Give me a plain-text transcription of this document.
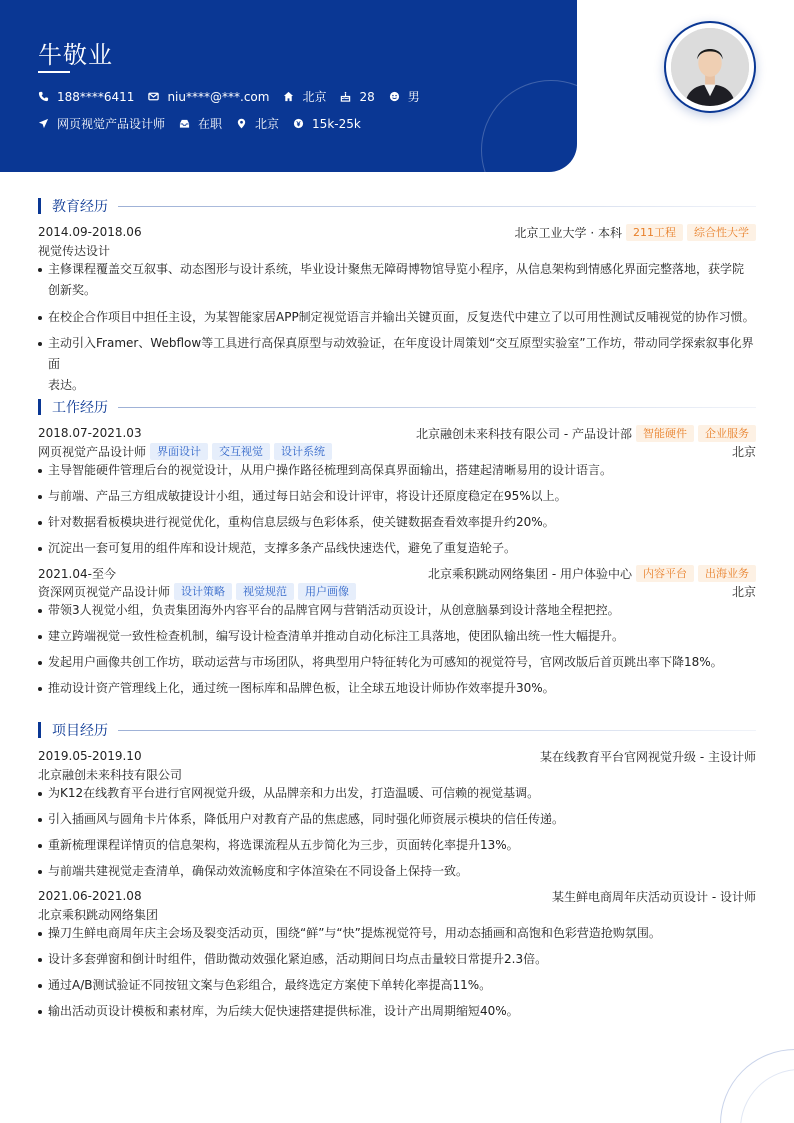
牛敬业
188****6411	niu****@***.com	北京	28	男
网页视觉产品设计师	在职	北京	15k-25k
教育经历
2014.09-2018.06	北京工业大学 · 本科	211工程	综合性大学
视觉传达设计
主修课程覆盖交互叙事、动态图形与设计系统，毕业设计聚焦无障碍博物馆导览小程序，从信息架构到情感化界面完整落地，获学院
创新奖。
在校企合作项目中担任主设，为某智能家居APP制定视觉语言并输出关键页面，反复迭代中建立了以可用性测试反哺视觉的协作习惯。
主动引入Framer、Webflow等工具进行高保真原型与动效验证，在年度设计周策划“交互原型实验室”工作坊，带动同学探索叙事化界面
表达。
工作经历
2018.07-2021.03	北京融创未来科技有限公司 - 产品设计部	智能硬件	企业服务
网页视觉产品设计师	界面设计	交互视觉	设计系统	北京
主导智能硬件管理后台的视觉设计，从用户操作路径梳理到高保真界面输出，搭建起清晰易用的设计语言。
与前端、产品三方组成敏捷设计小组，通过每日站会和设计评审，将设计还原度稳定在95%以上。
针对数据看板模块进行视觉优化，重构信息层级与色彩体系，使关键数据查看效率提升约20%。
沉淀出一套可复用的组件库和设计规范，支撑多条产品线快速迭代，避免了重复造轮子。
2021.04-至今	北京乘积跳动网络集团 - 用户体验中心	内容平台	出海业务
资深网页视觉产品设计师	设计策略	视觉规范	用户画像	北京
带领3人视觉小组，负责集团海外内容平台的品牌官网与营销活动页设计，从创意脑暴到设计落地全程把控。
建立跨端视觉一致性检查机制，编写设计检查清单并推动自动化标注工具落地，使团队输出统一性大幅提升。
发起用户画像共创工作坊，联动运营与市场团队，将典型用户特征转化为可感知的视觉符号，官网改版后首页跳出率下降18%。
推动设计资产管理线上化，通过统一图标库和品牌色板，让全球五地设计师协作效率提升30%。
项目经历
2019.05-2019.10	某在线教育平台官网视觉升级 - 主设计师
北京融创未来科技有限公司
为K12在线教育平台进行官网视觉升级，从品牌亲和力出发，打造温暖、可信赖的视觉基调。
引入插画风与圆角卡片体系，降低用户对教育产品的焦虑感，同时强化师资展示模块的信任传递。
重新梳理课程详情页的信息架构，将选课流程从五步简化为三步，页面转化率提升13%。
与前端共建视觉走查清单，确保动效流畅度和字体渲染在不同设备上保持一致。
2021.06-2021.08	某生鲜电商周年庆活动页设计 - 设计师
北京乘积跳动网络集团
操刀生鲜电商周年庆主会场及裂变活动页，围绕“鲜”与“快”提炼视觉符号，用动态插画和高饱和色彩营造抢购氛围。
设计多套弹窗和倒计时组件，借助微动效强化紧迫感，活动期间日均点击量较日常提升2.3倍。
通过A/B测试验证不同按钮文案与色彩组合，最终选定方案使下单转化率提高11%。
输出活动页设计模板和素材库，为后续大促快速搭建提供标准，设计产出周期缩短40%。
